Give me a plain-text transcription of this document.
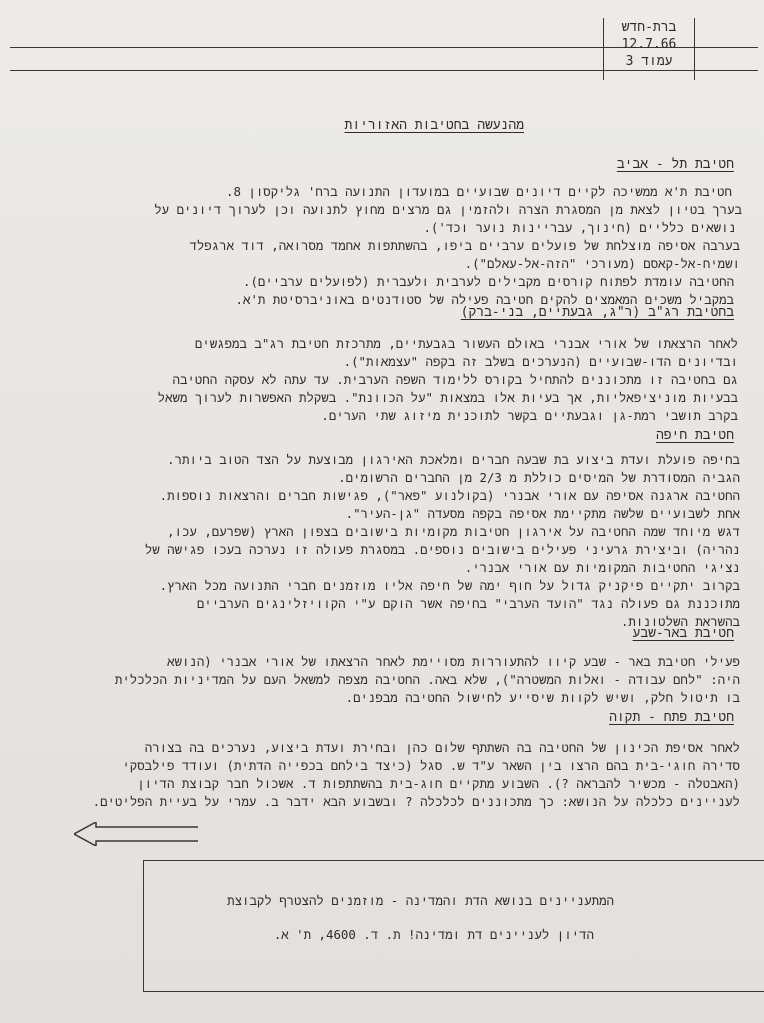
ברת-חדש
12.7.66
עמוד 3
מהנעשה בחטיבות האזוריות
חטיבת תל - אביב
חטיבת ת'א ממשיכה לקיים דיונים שבועיים במועדון התנועה ברח' גליקסון 8.
בערך בטיון לצאת מן המסגרת הצרה ולהזמין גם מרצים מחוץ לתנועה וכן לערוך דיונים על
נושאים כלליים (חינוך, עבריינות נוער וכד').
בערבה אסיפה מוצלחת של פועלים ערביים ביפו, בהשתתפות אחמד מסרואה, דוד ארגפלד
ושמיח-אל-קאסם (מעורכי "הזה-אל-עאלם").
החטיבה עומדת לפתוח קורסים מקבילים לערבית ולעברית (לפועלים ערביים).
במקביל משכים המאמצים להקים חטיבה פעילה של סטודנטים באוניברסיטת ת'א.
בחטיבת רג"ב (ר"ג, גבעתיים, בני-ברק)
לאחר הרצאתו של אורי אבנרי באולם העשור בגבעתיים, מתרכזת חטיבת רג"ב במפגשים
ובדיונים הדו-שבועיים (הנערכים בשלב זה בקפה "עצמאות").
גם בחטיבה זו מתכוננים להתחיל בקורס ללימוד השפה הערבית. עד עתה לא עסקה החטיבה
בבעיות מוניציפאליות, אך בעיות אלו במצאות "על הכוונת". בשקלת האפשרות לערוך משאל
בקרב תושבי רמת-גן וגבעתיים בקשר לתוכנית מיזוג שתי הערים.
חטיבת חיפה
בחיפה פועלת ועדת ביצוע בת שבעה חברים ומלאכת האירגון מבוצעת על הצד הטוב ביותר.
הגביה המסודרת של המיסים כוללת מ 2/3 מן החברים הרשומים.
החטיבה ארגנה אסיפה עם אורי אבנרי (בקולנוע "פאר"), פגישות חברים והרצאות נוספות.
אחת לשבועיים שלשה מתקיימת אסיפה בקפה מסעדה "גן-העיר".
דגש מיוחד שמה החטיבה על אירגון חטיבות מקומיות בישובים בצפון הארץ (שפרעם, עכו,
נהריה) וביצירת גרעיני פעילים בישובים נוספים. במסגרת פעולה זו נערכה בעכו פגישה של
נציגי החטיבות המקומיות עם אורי אבנרי.
בקרוב יתקיים פיקניק גדול על חוף ימה של חיפה אליו מוזמנים חברי התנועה מכל הארץ.
מתוכננת גם פעולה נגד "הועד הערבי" בחיפה אשר הוקם ע"י הקוויזלינגים הערביים
בהשראת השלטונות.
חטיבת באר-שבע
פעילי חטיבת באר - שבע קיוו להתעוררות מסויימת לאחר הרצאתו של אורי אבנרי (הנושא
היה: "לחם עבודה - ואלות המשטרה"), שלא באה. החטיבה מצפה למשאל העם על המדיניות הכלכלית
בו תיטול חלק, ושיש לקוות שיסייע לחישול החטיבה מבפנים.
חטיבת פתח - תקוה
לאחר אסיפת הכינון של החטיבה בה השתתף שלום כהן ובחירת ועדת ביצוע, נערכים בה בצורה
סדירה חוגי-בית בהם הרצו בין השאר ע"ד ש. סגל (כיצד בילחם בכפייה הדתית) ועודד פילבסקי
(האבטלה - מכשיר להבראה ?). השבוע מתקיים חוג-בית בהשתתפות ד. אשכול חבר קבוצת הדיון
לעניינים כלכלה על הנושא: כך מתכוננים לכלכלה ? ובשבוע הבא ידבר ב. עמרי על בעיית הפליטים.
המתעניינים בנושא הדת והמדינה - מוזמנים להצטרף לקבוצת
הדיון לעניינים דת ומדינה! ת. ד. 4600, ת' א.
